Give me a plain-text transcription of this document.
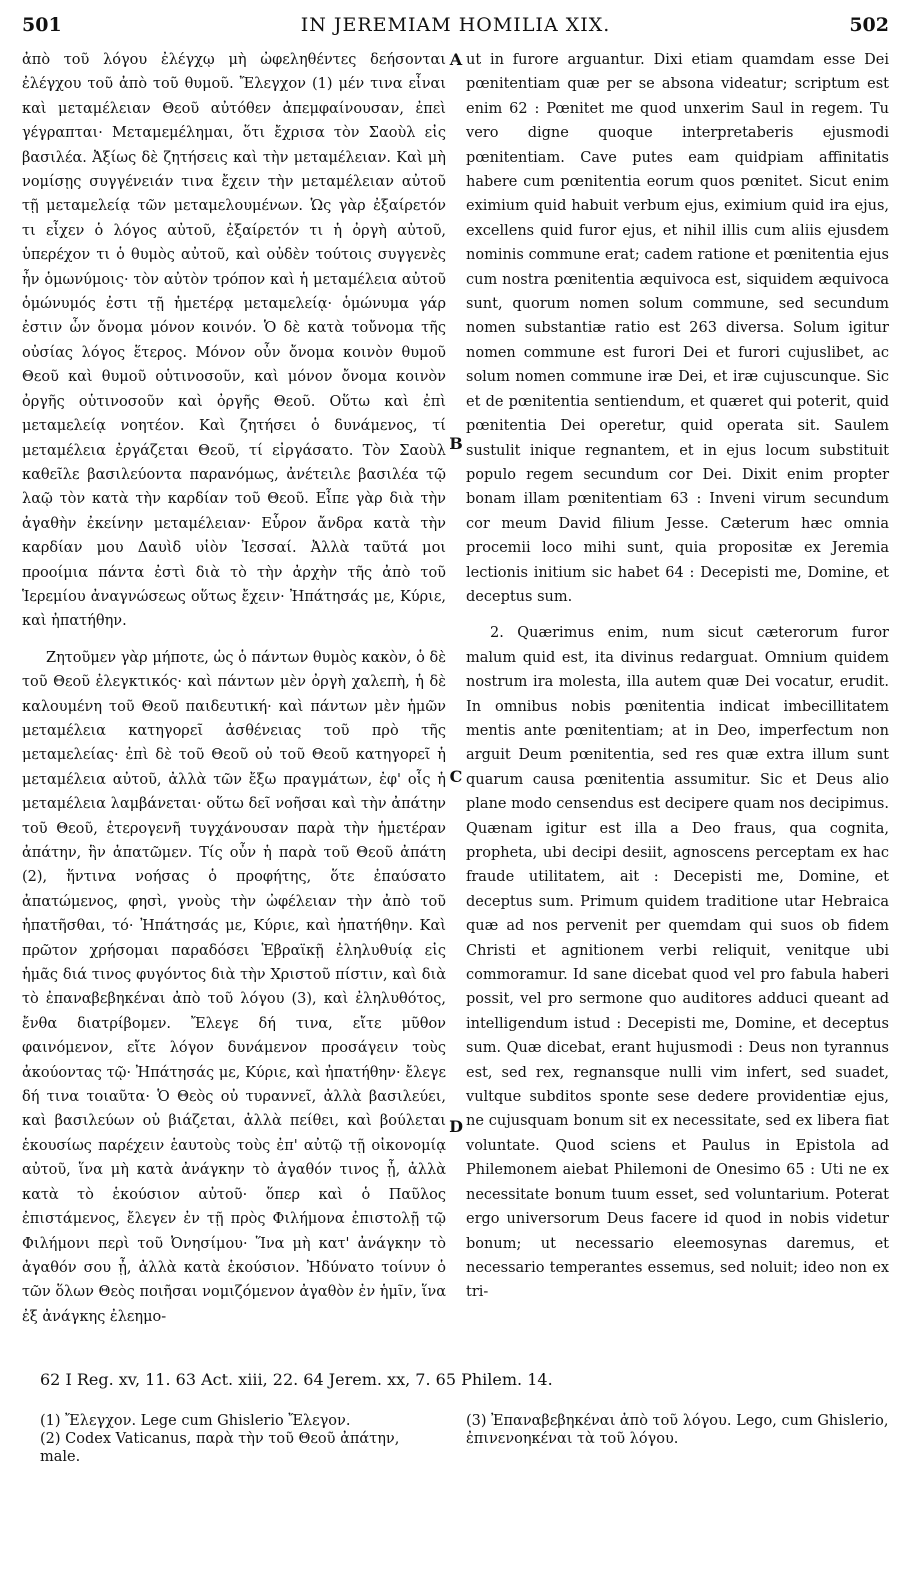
501	IN JEREMIAM HOMILIA XIX.	502

ἀπὸ τοῦ λόγου ἐλέγχῳ μὴ ὠφεληθέντες δεήσονται ἐλέγχου τοῦ ἀπὸ τοῦ θυμοῦ. Ἔλεγχον (1) μέν τινα εἶναι καὶ μεταμέλειαν Θεοῦ αὐτόθεν ἀπεμφαίνουσαν, ἐπεὶ γέγραπται· Μεταμεμέλημαι, ὅτι ἔχρισα τὸν Σαοὺλ εἰς βασιλέα. Ἀξίως δὲ ζητήσεις καὶ τὴν μεταμέλειαν. Καὶ μὴ νομίσῃς συγγένειάν τινα ἔχειν τὴν μεταμέλειαν αὐτοῦ τῇ μεταμελείᾳ τῶν μεταμελουμένων. Ὡς γὰρ ἐξαίρετόν τι εἶχεν ὁ λόγος αὐτοῦ, ἐξαίρετόν τι ἡ ὀργὴ αὐτοῦ, ὑπερέχον τι ὁ θυμὸς αὐτοῦ, καὶ οὐδὲν τούτοις συγγενὲς ἦν ὁμωνύμοις· τὸν αὐτὸν τρόπον καὶ ἡ μεταμέλεια αὐτοῦ ὁμώνυμός ἐστι τῇ ἡμετέρᾳ μεταμελείᾳ· ὁμώνυμα γάρ ἐστιν ὧν ὄνομα μόνον κοινόν. Ὁ δὲ κατὰ τοὔνομα τῆς οὐσίας λόγος ἕτερος. Μόνον οὖν ὄνομα κοινὸν θυμοῦ Θεοῦ καὶ θυμοῦ οὑτινοσοῦν, καὶ μόνον ὄνομα κοινὸν ὀργῆς οὑτινοσοῦν καὶ ὀργῆς Θεοῦ. Οὕτω καὶ ἐπὶ μεταμελείᾳ νοητέον. Καὶ ζητήσει ὁ δυνάμενος, τί μεταμέλεια ἐργάζεται Θεοῦ, τί εἰργάσατο. Τὸν Σαοὺλ καθεῖλε βασιλεύοντα παρανόμως, ἀνέτειλε βασιλέα τῷ λαῷ τὸν κατὰ τὴν καρδίαν τοῦ Θεοῦ. Εἶπε γὰρ διὰ τὴν ἀγαθὴν ἐκείνην μεταμέλειαν· Εὗρον ἄνδρα κατὰ τὴν καρδίαν μου Δαυὶδ υἱὸν Ἰεσσαί. Ἀλλὰ ταῦτά μοι προοίμια πάντα ἐστὶ διὰ τὸ τὴν ἀρχὴν τῆς ἀπὸ τοῦ Ἱερεμίου ἀναγνώσεως οὕτως ἔχειν· Ἠπάτησάς με, Κύριε, καὶ ἠπατήθην.

Ζητοῦμεν γὰρ μήποτε, ὡς ὁ πάντων θυμὸς κακὸν, ὁ δὲ τοῦ Θεοῦ ἐλεγκτικός· καὶ πάντων μὲν ὀργὴ χαλεπὴ, ἡ δὲ καλουμένη τοῦ Θεοῦ παιδευτική· καὶ πάντων μὲν ἡμῶν μεταμέλεια κατηγορεῖ ἀσθένειας τοῦ πρὸ τῆς μεταμελείας· ἐπὶ δὲ τοῦ Θεοῦ οὐ τοῦ Θεοῦ κατηγορεῖ ἡ μεταμέλεια αὐτοῦ, ἀλλὰ τῶν ἔξω πραγμάτων, ἐφ' οἷς ἡ μεταμέλεια λαμβάνεται· οὕτω δεῖ νοῆσαι καὶ τὴν ἀπάτην τοῦ Θεοῦ, ἑτερογενῆ τυγχάνουσαν παρὰ τὴν ἡμετέραν ἀπάτην, ἣν ἀπατῶμεν. Τίς οὖν ἡ παρὰ τοῦ Θεοῦ ἀπάτη (2), ἥντινα νοήσας ὁ προφήτης, ὅτε ἐπαύσατο ἀπατώμενος, φησὶ, γνοὺς τὴν ὠφέλειαν τὴν ἀπὸ τοῦ ἠπατῆσθαι, τό· Ἠπάτησάς με, Κύριε, καὶ ἠπατήθην. Καὶ πρῶτον χρήσομαι παραδόσει Ἑβραϊκῇ ἐληλυθυίᾳ εἰς ἡμᾶς διά τινος φυγόντος διὰ τὴν Χριστοῦ πίστιν, καὶ διὰ τὸ ἐπαναβεβηκέναι ἀπὸ τοῦ λόγου (3), καὶ ἐληλυθότος, ἔνθα διατρίβομεν. Ἔλεγε δή τινα, εἴτε μῦθον φαινόμενον, εἴτε λόγον δυνάμενον προσάγειν τοὺς ἀκούοντας τῷ· Ἠπάτησάς με, Κύριε, καὶ ἠπατήθην· ἔλεγε δή τινα τοιαῦτα· Ὁ Θεὸς οὐ τυραννεῖ, ἀλλὰ βασιλεύει, καὶ βασιλεύων οὐ βιάζεται, ἀλλὰ πείθει, καὶ βούλεται ἑκουσίως παρέχειν ἑαυτοὺς τοὺς ἐπ' αὐτῷ τῇ οἰκονομίᾳ αὐτοῦ, ἵνα μὴ κατὰ ἀνάγκην τὸ ἀγαθόν τινος ᾖ, ἀλλὰ κατὰ τὸ ἑκούσιον αὐτοῦ· ὅπερ καὶ ὁ Παῦλος ἐπιστάμενος, ἔλεγεν ἐν τῇ πρὸς Φιλήμονα ἐπιστολῇ τῷ Φιλήμονι περὶ τοῦ Ὀνησίμου· Ἵνα μὴ κατ' ἀνάγκην τὸ ἀγαθόν σου ᾖ, ἀλλὰ κατὰ ἑκούσιον. Ἠδύνατο τοίνυν ὁ τῶν ὅλων Θεὸς ποιῆσαι νομιζόμενον ἀγαθὸν ἐν ἡμῖν, ἵνα ἐξ ἀνάγκης ἐλεημο-

A
B
C
D

ut in furore arguantur. Dixi etiam quamdam esse Dei pœnitentiam quæ per se absona videatur; scriptum est enim 62 : Pœnitet me quod unxerim Saul in regem. Tu vero digne quoque interpretaberis ejusmodi pœnitentiam. Cave putes eam quidpiam affinitatis habere cum pœnitentia eorum quos pœnitet. Sicut enim eximium quid habuit verbum ejus, eximium quid ira ejus, excellens quid furor ejus, et nihil illis cum aliis ejusdem nominis commune erat; cadem ratione et pœnitentia ejus cum nostra pœnitentia æquivoca est, siquidem æquivoca sunt, quorum nomen solum commune, sed secundum nomen substantiæ ratio est 263 diversa. Solum igitur nomen commune est furori Dei et furori cujuslibet, ac solum nomen commune iræ Dei, et iræ cujuscunque. Sic et de pœnitentia sentiendum, et quæret qui poterit, quid pœnitentia Dei operetur, quid operata sit. Saulem sustulit inique regnantem, et in ejus locum substituit populo regem secundum cor Dei. Dixit enim propter bonam illam pœnitentiam 63 : Inveni virum secundum cor meum David filium Jesse. Cæterum hæc omnia procemii loco mihi sunt, quia propositæ ex Jeremia lectionis initium sic habet 64 : Decepisti me, Domine, et deceptus sum.

2. Quærimus enim, num sicut cæterorum furor malum quid est, ita divinus redarguat. Omnium quidem nostrum ira molesta, illa autem quæ Dei vocatur, erudit. In omnibus nobis pœnitentia indicat imbecillitatem mentis ante pœnitentiam; at in Deo, imperfectum non arguit Deum pœnitentia, sed res quæ extra illum sunt quarum causa pœnitentia assumitur. Sic et Deus alio plane modo censendus est decipere quam nos decipimus. Quænam igitur est illa a Deo fraus, qua cognita, propheta, ubi decipi desiit, agnoscens perceptam ex hac fraude utilitatem, ait : Decepisti me, Domine, et deceptus sum. Primum quidem traditione utar Hebraica quæ ad nos pervenit per quemdam qui suos ob fidem Christi et agnitionem verbi reliquit, venitque ubi commoramur. Id sane dicebat quod vel pro fabula haberi possit, vel pro sermone quo auditores adduci queant ad intelligendum istud : Decepisti me, Domine, et deceptus sum. Quæ dicebat, erant hujusmodi : Deus non tyrannus est, sed rex, regnansque nulli vim infert, sed suadet, vultque subditos sponte sese dedere providentiæ ejus, ne cujusquam bonum sit ex necessitate, sed ex libera fiat voluntate. Quod sciens et Paulus in Epistola ad Philemonem aiebat Philemoni de Onesimo 65 : Uti ne ex necessitate bonum tuum esset, sed voluntarium. Poterat ergo universorum Deus facere id quod in nobis videtur bonum; ut necessario eleemosynas daremus, et necessario temperantes essemus, sed noluit; ideo non ex tri-

62 I Reg. xv, 11. 63 Act. xiii, 22. 64 Jerem. xx, 7. 65 Philem. 14.

(1) Ἔλεγχον. Lege cum Ghislerio Ἔλεγον.

(2) Codex Vaticanus, παρὰ τὴν τοῦ Θεοῦ ἀπάτην, male.

(3) Ἐπαναβεβηκέναι ἀπὸ τοῦ λόγου. Lego, cum Ghislerio, ἐπινενοηκέναι τὰ τοῦ λόγου.
